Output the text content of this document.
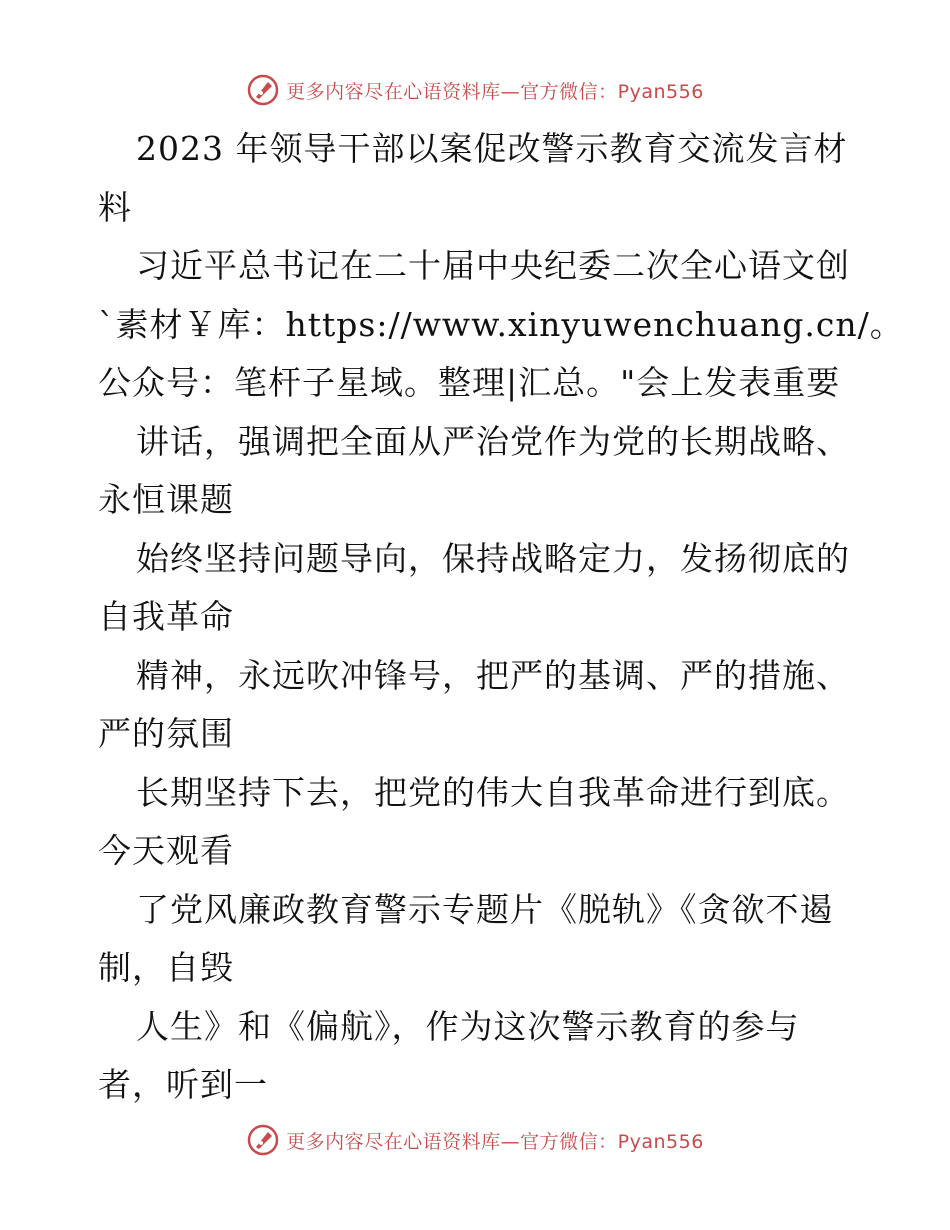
更多内容尽在心语资料库—官方微信：Pyan556
2023 年领导干部以案促改警示教育交流发言材
料
习近平总书记在二十届中央纪委二次全心语文创
`素材￥库：https://www.xinyuwenchuang.cn/。
公众号：笔杆子星域。整理|汇总。"会上发表重要
讲话，强调把全面从严治党作为党的长期战略、
永恒课题
始终坚持问题导向，保持战略定力，发扬彻底的
自我革命
精神，永远吹冲锋号，把严的基调、严的措施、
严的氛围
长期坚持下去，把党的伟大自我革命进行到底。
今天观看
了党风廉政教育警示专题片《脱轨》《贪欲不遏
制，自毁
人生》和《偏航》，作为这次警示教育的参与
者，听到一
更多内容尽在心语资料库—官方微信：Pyan556
